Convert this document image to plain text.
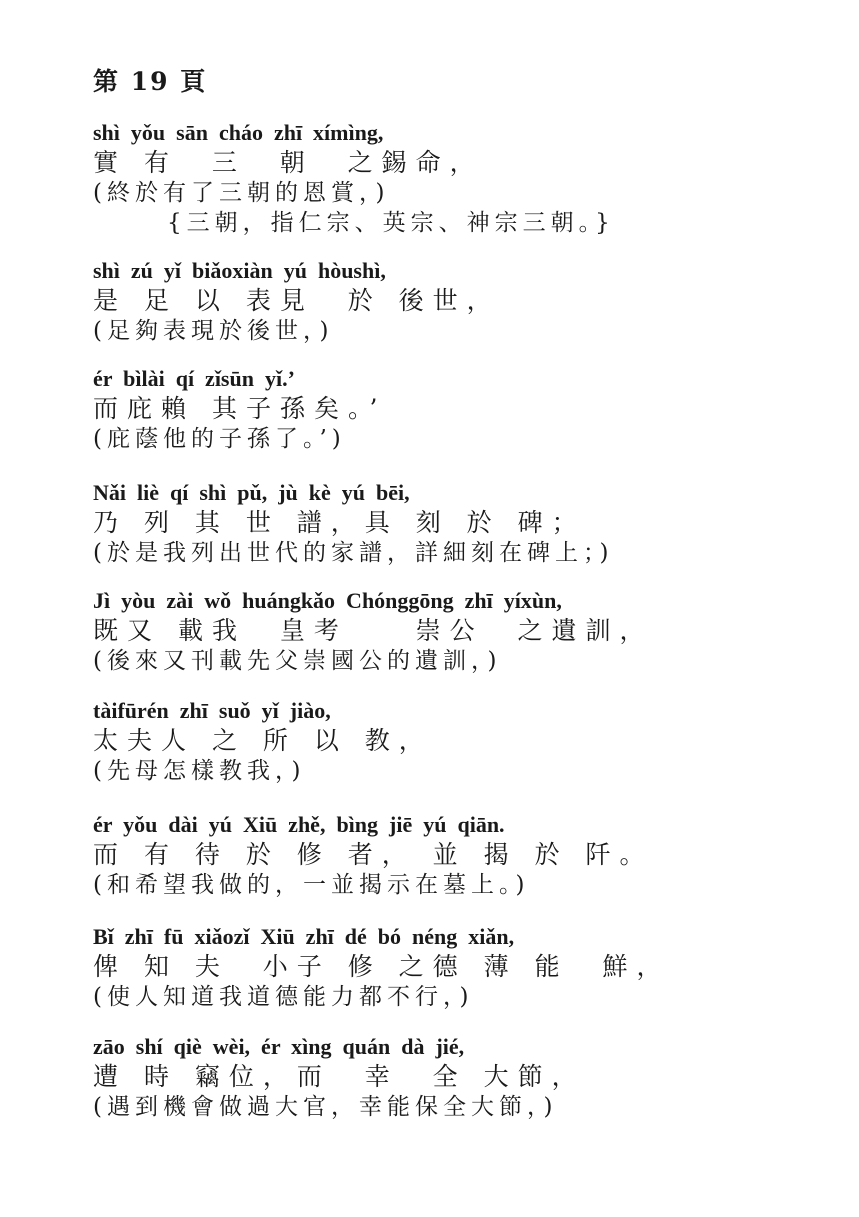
第 19 頁
shì  yǒu  sān  cháo  zhī  xímìng,
實 有  三  朝  之錫命，
(終於有了三朝的恩賞，)
{三朝，指仁宗、英宗、神宗三朝。}
shì  zú  yǐ  biǎoxiàn  yú  hòushì,
是 足 以 表見  於 後世，
(足夠表現於後世，)
ér  bìlài  qí  zǐsūn  yǐ.’
而庇賴 其子孫矣。’
(庇蔭他的子孫了。’)
Nǎi  liè  qí  shì  pǔ,  jù  kè  yú  bēi,
乃 列 其 世 譜，具 刻 於 碑；
(於是我列出世代的家譜，詳細刻在碑上；)
Jì  yòu  zài  wǒ  huángkǎo  Chónggōng  zhī  yíxùn,
既又 載我  皇考    崇公  之遺訓，
(後來又刊載先父崇國公的遺訓，)
tàifūrén  zhī  suǒ  yǐ  jiào,
太夫人 之 所 以 教，
(先母怎樣教我，)
ér  yǒu  dài  yú  Xiū  zhě,  bìng  jiē  yú  qiān.
而 有 待 於 修 者， 並 揭 於 阡。
(和希望我做的，一並揭示在墓上。)
Bǐ  zhī  fū  xiǎozǐ  Xiū  zhī  dé  bó  néng  xiǎn,
俾 知 夫  小子 修 之德 薄 能  鮮，
(使人知道我道德能力都不行，)
zāo  shí  qiè  wèi,  ér  xìng  quán  dà  jié,
遭 時 竊位，而  幸  全 大節，
(遇到機會做過大官，幸能保全大節，)
